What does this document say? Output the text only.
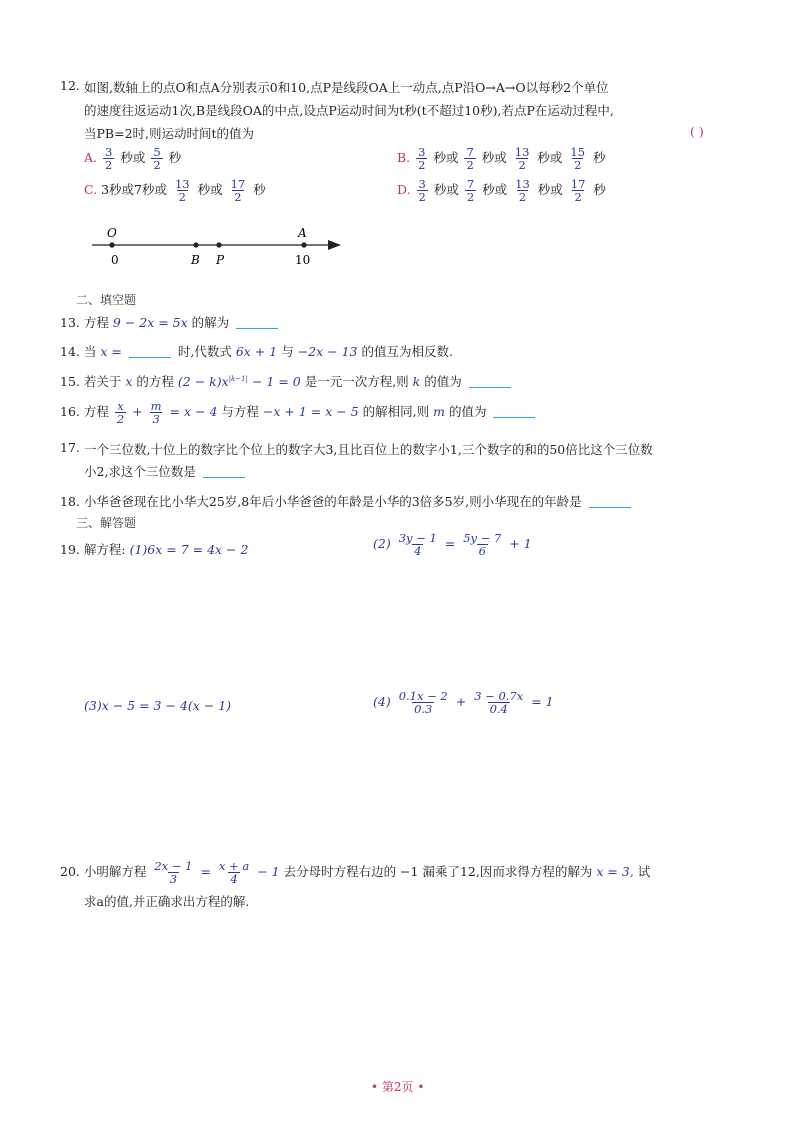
12. 如图,数轴上的点O和点A分别表示0和10,点P是线段OA上一动点,点P沿O→A→O以每秒2个单位
的速度往返运动1次,B是线段OA的中点,设点P运动时间为t秒(t不超过10秒),若点P在运动过程中,
当PB=2时,则运动时间t的值为	( )
A. $\frac{3}{2}$ 秒或 $\frac{5}{2}$ 秒	B. $\frac{3}{2}$ 秒或 $\frac{7}{2}$ 秒或 $\frac{13}{2}$ 秒或 $\frac{15}{2}$ 秒
C. 3秒或7秒或 $\frac{13}{2}$ 秒或 $\frac{17}{2}$ 秒	D. $\frac{3}{2}$ 秒或 $\frac{7}{2}$ 秒或 $\frac{13}{2}$ 秒或 $\frac{17}{2}$ 秒
O	A
0	B P	10
二、填空题
13. 方程 9 − 2x = 5x 的解为
14. 当 x =	时,代数式 6x + 1 与 −2x − 13 的值互为相反数.
15. 若关于 x 的方程 $(2 - k)x^{|k-1|} - 1 = 0$ 是一元一次方程,则 k 的值为
16. 方程 $\frac{x}{2} + \frac{m}{3} = x - 4$ 与方程 −x + 1 = x − 5 的解相同,则 m 的值为
17. 一个三位数,十位上的数字比个位上的数字大3,且比百位上的数字小1,三个数字的和的50倍比这个三位数
小2,求这个三位数是
18. 小华爸爸现在比小华大25岁,8年后小华爸爸的年龄是小华的3倍多5岁,则小华现在的年龄是
三、解答题
19. 解方程: (1)6x = 7 = 4x − 2	$(2) \frac{3y - 1}{4} = \frac{5y - 7}{6} + 1$
(3)x − 5 = 3 − 4(x − 1)	$(4) \frac{0.1x - 2}{0.3} + \frac{3 - 0.7x}{0.4} = 1$
20. 小明解方程 $\frac{2x - 1}{3} = \frac{x + a}{4} - 1$ 去分母时方程右边的 −1 漏乘了12,因而求得方程的解为 x = 3, 试
求a的值,并正确求出方程的解.
• 第2页 •
